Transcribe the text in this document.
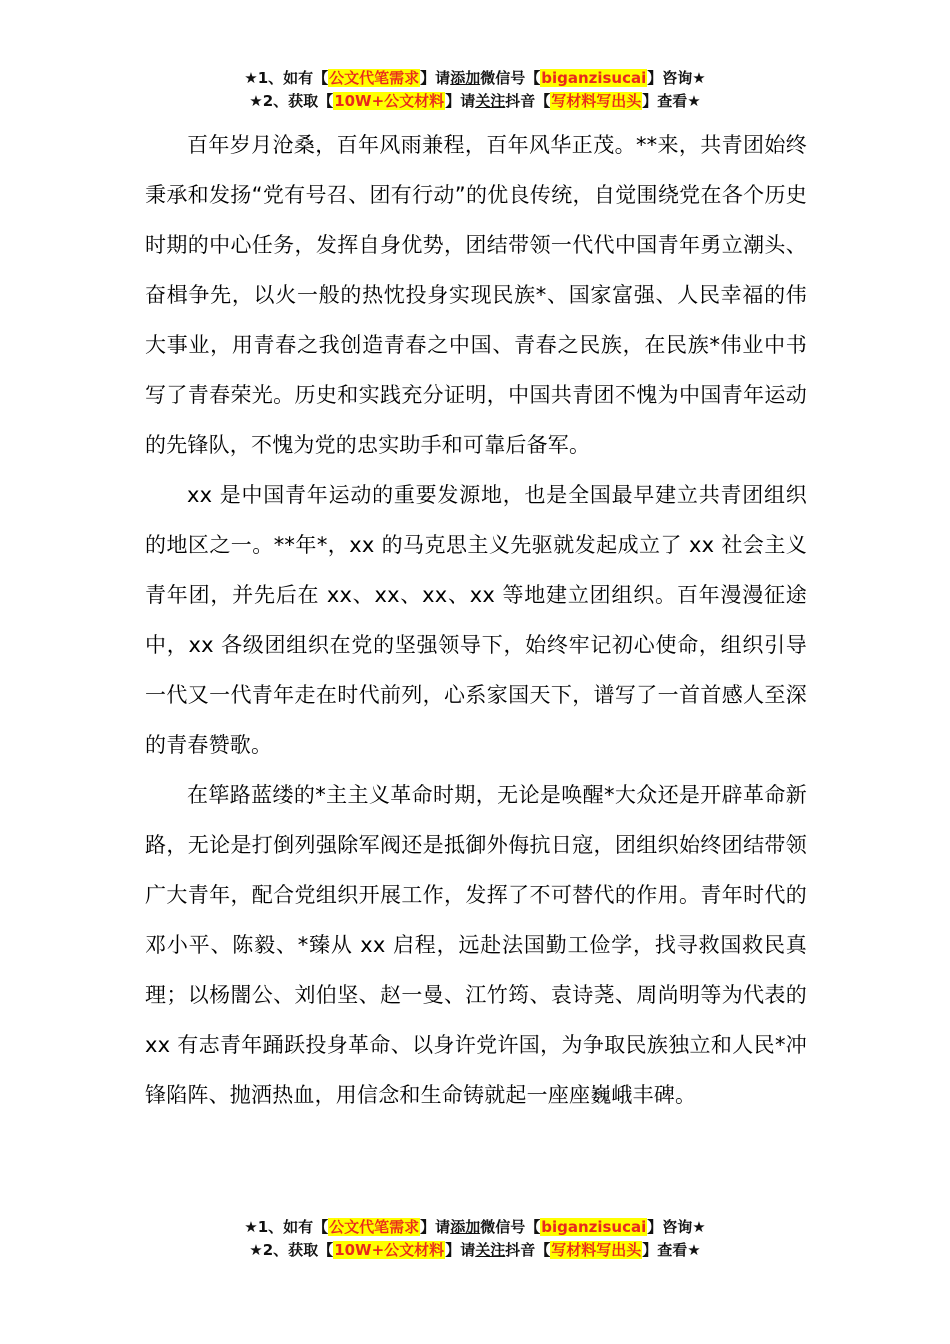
★1、如有【公文代笔需求】请添加微信号【biganzisucai】咨询★
★2、获取【10W+公文材料】请关注抖音【写材料写出头】查看★

百年岁月沧桑，百年风雨兼程，百年风华正茂。**来，共青团始终秉承和发扬“党有号召、团有行动”的优良传统，自觉围绕党在各个历史时期的中心任务，发挥自身优势，团结带领一代代中国青年勇立潮头、奋楫争先，以火一般的热忱投身实现民族*、国家富强、人民幸福的伟大事业，用青春之我创造青春之中国、青春之民族，在民族*伟业中书写了青春荣光。历史和实践充分证明，中国共青团不愧为中国青年运动的先锋队，不愧为党的忠实助手和可靠后备军。

xx 是中国青年运动的重要发源地，也是全国最早建立共青团组织的地区之一。**年*，xx 的马克思主义先驱就发起成立了 xx 社会主义青年团，并先后在 xx、xx、xx、xx 等地建立团组织。百年漫漫征途中，xx 各级团组织在党的坚强领导下，始终牢记初心使命，组织引导一代又一代青年走在时代前列，心系家国天下，谱写了一首首感人至深的青春赞歌。

在筚路蓝缕的*主主义革命时期，无论是唤醒*大众还是开辟革命新路，无论是打倒列强除军阀还是抵御外侮抗日寇，团组织始终团结带领广大青年，配合党组织开展工作，发挥了不可替代的作用。青年时代的邓小平、陈毅、*臻从 xx 启程，远赴法国勤工俭学，找寻救国救民真理；以杨闇公、刘伯坚、赵一曼、江竹筠、袁诗荛、周尚明等为代表的 xx 有志青年踊跃投身革命、以身许党许国，为争取民族独立和人民*冲锋陷阵、抛洒热血，用信念和生命铸就起一座座巍峨丰碑。

★1、如有【公文代笔需求】请添加微信号【biganzisucai】咨询★
★2、获取【10W+公文材料】请关注抖音【写材料写出头】查看★
